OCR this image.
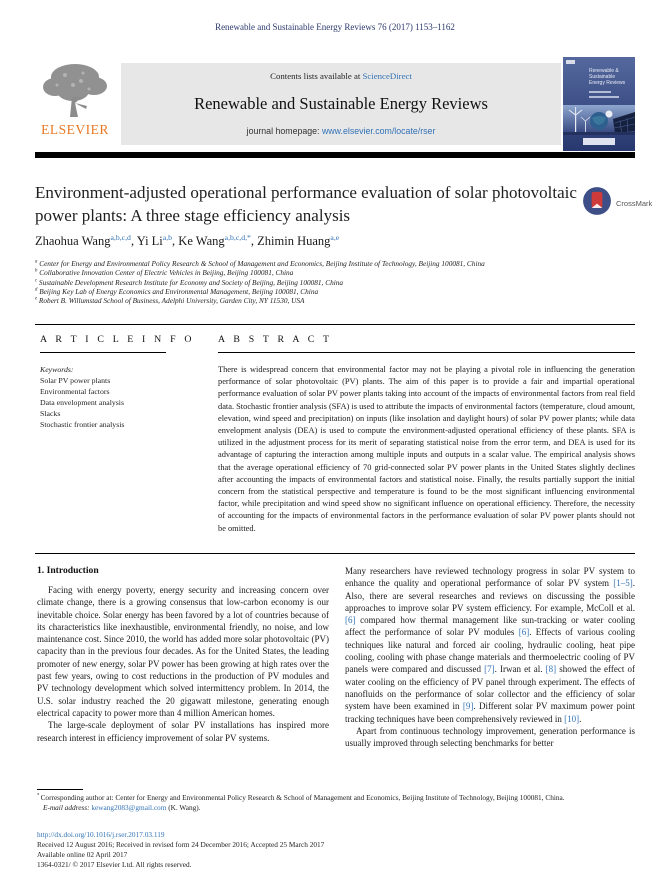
Renewable and Sustainable Energy Reviews 76 (2017) 1153–1162
ELSEVIER
Contents lists available at ScienceDirect
Renewable and Sustainable Energy Reviews
journal homepage: www.elsevier.com/locate/rser
Renewable &
Sustainable
Energy Reviews
Environment-adjusted operational performance evaluation of solar photovoltaic power plants: A three stage efficiency analysis
CrossMark
Zhaohua Wang$^{a,b,c,d}$, Yi Li$^{a,b}$, Ke Wang$^{a,b,c,d,*}$, Zhimin Huang$^{a,e}$
$^a$ Center for Energy and Environmental Policy Research & School of Management and Economics, Beijing Institute of Technology, Beijing 100081, China
$^b$ Collaborative Innovation Center of Electric Vehicles in Beijing, Beijing 100081, China
$^c$ Sustainable Development Research Institute for Economy and Society of Beijing, Beijing 100081, China
$^d$ Beijing Key Lab of Energy Economics and Environmental Management, Beijing 100081, China
$^e$ Robert B. Willumstad School of Business, Adelphi University, Garden City, NY 11530, USA
A R T I C L E I N F O
Keywords:
Solar PV power plants
Environmental factors
Data envelopment analysis
Slacks
Stochastic frontier analysis
A B S T R A C T
There is widespread concern that environmental factor may not be playing a pivotal role in influencing the generation performance of solar photovoltaic (PV) plants. The aim of this paper is to provide a fair and impartial operational performance evaluation of solar PV power plants taking into account of the impacts of environmental factors from real field data. Stochastic frontier analysis (SFA) is used to attribute the impacts of environmental factors (temperature, cloud amount, elevation, wind speed and precipitation) on inputs (like insolation and daylight hours) of solar PV power plants; while data envelopment analysis (DEA) is used to compute the environment-adjusted operational efficiency of these plants. SFA is utilized in the adjustment process for its merit of separating statistical noise from the error term, and DEA is used for its advantage of capturing the interaction among multiple inputs and outputs in a scalar value. The empirical analysis shows that the average operational efficiency of 70 grid-connected solar PV power plants in the United States slightly declines after accounting the impacts of environmental factors and statistical noise. Finally, the results partially support the initial concern from the statistical perspective and temperature is found to be the most significant influencing environmental factor, while precipitation and wind speed show no significant influence on operational efficiency. Therefore, the necessity of accounting for the impacts of environmental factors in the performance evaluation of solar PV power plants should not be omitted.
1. Introduction

Facing with energy poverty, energy security and increasing concern over climate change, there is a growing consensus that low-carbon economy is our inevitable choice. Solar energy has been favored by a lot of countries because of its characteristics like inexhaustible, environmental friendly, no noise, and low maintenance cost. Since 2010, the world has added more solar photovoltaic (PV) capacity than in the previous four decades. As for the United States, the leading promoter of new energy, solar PV power has been growing at high rates over the past few years, owing to cost reductions in the production of PV modules and PV technology development which solved intermittency problem. In 2014, the U.S. solar industry reached the 20 gigawatt milestone, generating enough electrical capacity to power more than 4 million American homes.

The large-scale deployment of solar PV installations has inspired more research interest in efficiency improvement of solar PV systems.

Many researchers have reviewed technology progress in solar PV system to enhance the quality and operational performance of solar PV system [1–5]. Also, there are several researches and reviews on discussing the possible approaches to improve solar PV system efficiency. For example, McColl et al. [6] compared how thermal management like sun-tracking or water cooling affect the performance of solar PV modules [6]. Effects of various cooling techniques like natural and forced air cooling, hydraulic cooling, heat pipe cooling, cooling with phase change materials and thermoelectric cooling of PV panels were compared and discussed [7]. Irwan et al. [8] showed the effect of water cooling on the efficiency of PV panel through experiment. The effects of nanofluids on the performance of solar collector and the efficiency of solar system have been examined in [9]. Different solar PV maximum power point tracking techniques have been comprehensively reviewed in [10].

Apart from continuous technology improvement, generation performance is usually improved through selecting benchmarks for better

* Corresponding author at: Center for Energy and Environmental Policy Research & School of Management and Economics, Beijing Institute of Technology, Beijing 100081, China.
E-mail address: kewang2083@gmail.com (K. Wang).
http://dx.doi.org/10.1016/j.rser.2017.03.119
Received 12 August 2016; Received in revised form 24 December 2016; Accepted 25 March 2017
Available online 02 April 2017
1364-0321/ © 2017 Elsevier Ltd. All rights reserved.
